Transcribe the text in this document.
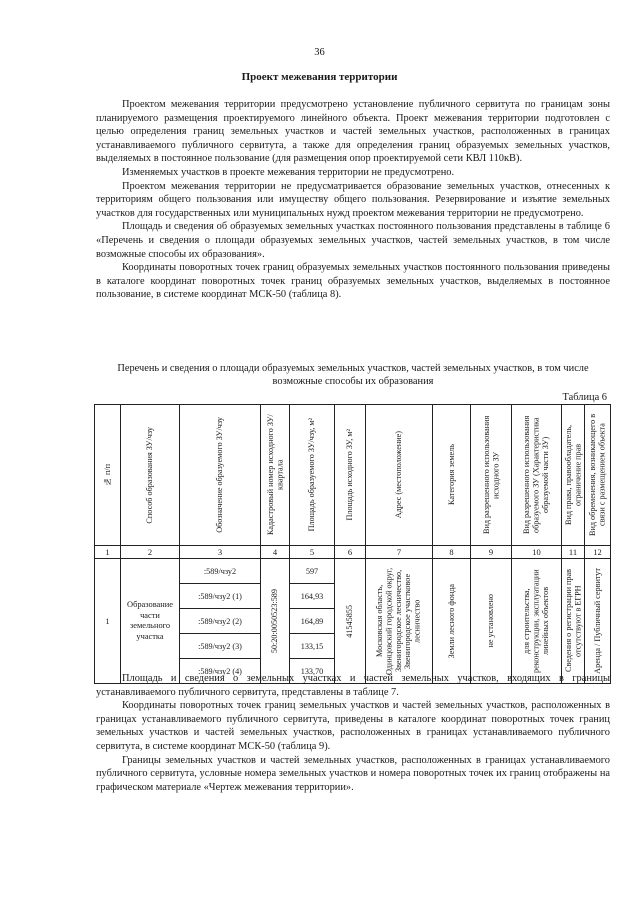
36
Проект межевания территории

Проектом межевания территории предусмотрено установление публичного сервитута по границам зоны планируемого размещения проектируемого линейного объекта. Проект межевания территории подготовлен с целью определения границ земельных участков и частей земельных участков, расположенных в границах устанавливаемого публичного сервитута, а также для определения границ образуемых земельных участков, выделяемых в постоянное пользование (для размещения опор проектируемой сети КВЛ 110кВ).

Изменяемых участков в проекте межевания территории не предусмотрено.

Проектом межевания территории не предусматривается образование земельных участков, отнесенных к территориям общего пользования или имуществу общего пользования. Резервирование и изъятие земельных участков для государственных или муниципальных нужд проектом межевания территории не предусмотрено.

Площадь и сведения об образуемых земельных участках постоянного пользования представлены в таблице 6 «Перечень и сведения о площади образуемых земельных участков, частей земельных участков, в том числе возможные способы их образования».

Координаты поворотных точек границ образуемых земельных участков постоянного пользования приведены в каталоге координат поворотных точек границ образуемых земельных участков, выделяемых в постоянное пользование, в системе координат МСК-50 (таблица 8).

Перечень и сведения о площади образуемых земельных участков, частей земельных участков, в том числе возможные способы их образования
Таблица 6
№ п/п	Способ образования ЗУ/чзу	Обозначение образуемого ЗУ/чзу	Кадастровый номер исходного ЗУ/квартала	Площадь образуемого ЗУ/чзу, м²	Площадь исходного ЗУ, м²	Адрес (местоположение)	Категория земель	Вид разрешенного использования исходного ЗУ	Вид разрешенного использования образуемого ЗУ (Характеристика образуемой части ЗУ)	Вид права, правообладатель, ограничение прав	Вид обременения, возникающего в связи с размещением объекта

1	2	3	4	5	6	7	8	9	10	11	12
1	Образование части земельного участка	:589/чзу2	50:20:0050523:589	597	41545855	Московская область, Одинцовский городской округ, Звенигородское лесничество, Звенигородское участковое лесничество	Земли лесного фонда	не установлено	для строительства, реконструкции, эксплуатации линейных объектов	Сведения о регистрации прав отсутствуют в ЕГРН	Аренда / Публичный сервитут

		:589/чзу2 (1)		164,93							
		:589/чзу2 (2)		164,89							
		:589/чзу2 (3)		133,15							
		:589/чзу2 (4)		133,70							

Площадь и сведения о земельных участках и частей земельных участков, входящих в границы устанавливаемого публичного сервитута, представлены в таблице 7.

Координаты поворотных точек границ земельных участков и частей земельных участков, расположенных в границах устанавливаемого публичного сервитута, приведены в каталоге координат поворотных точек границ земельных участков и частей земельных участков, расположенных в границах устанавливаемого публичного сервитута, в системе координат МСК-50 (таблица 9).

Границы земельных участков и частей земельных участков, расположенных в границах устанавливаемого публичного сервитута, условные номера земельных участков и номера поворотных точек их границ отображены на графическом материале «Чертеж межевания территории».
